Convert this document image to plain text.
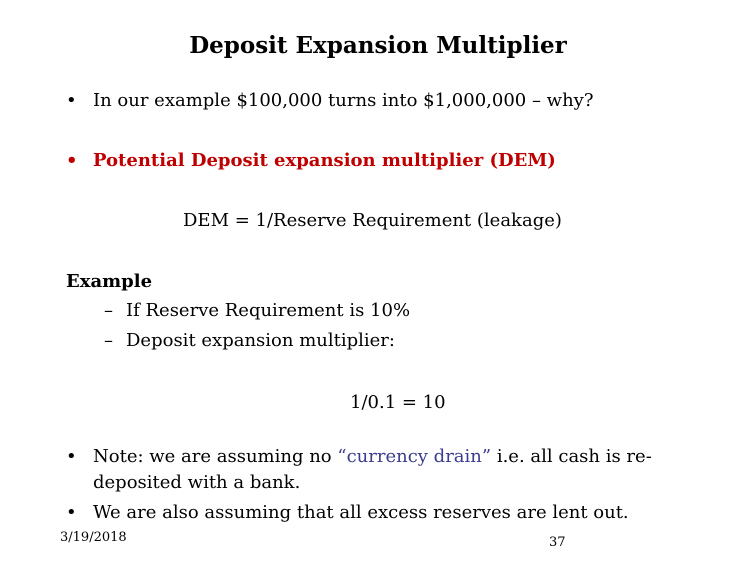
Deposit Expansion Multiplier
• In our example $100,000 turns into $1,000,000 – why?
• Potential Deposit expansion multiplier (DEM)
DEM = 1/Reserve Requirement (leakage)
Example
– If Reserve Requirement is 10%
– Deposit expansion multiplier:
1/0.1 = 10
• Note: we are assuming no “currency drain” i.e. all cash is re-
deposited with a bank.
• We are also assuming that all excess reserves are lent out.
3/19/2018	37
